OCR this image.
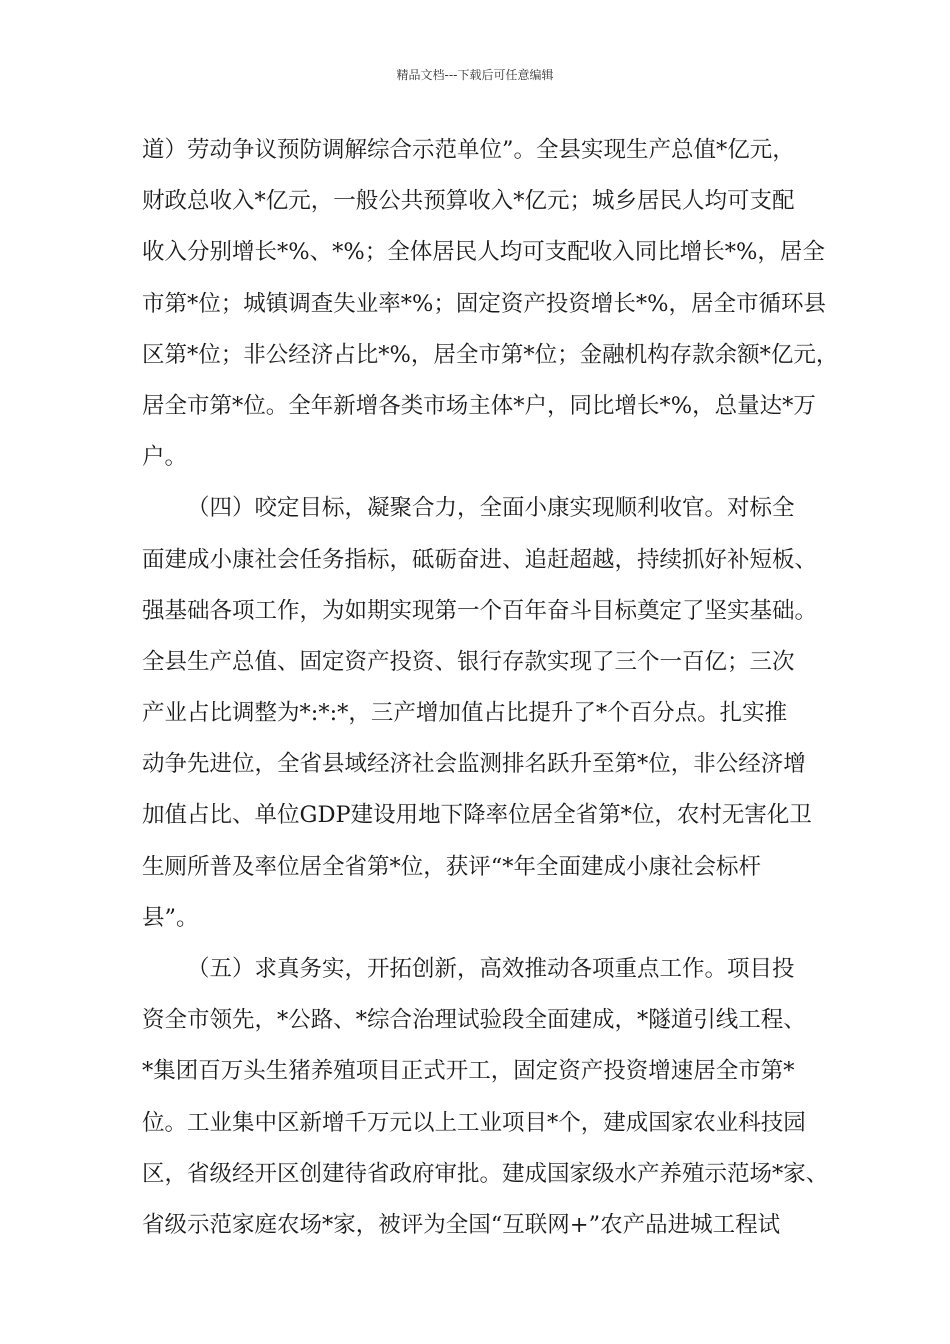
精品文档---下载后可任意编辑
道）劳动争议预防调解综合示范单位”。全县实现生产总值*亿元，
财政总收入*亿元，一般公共预算收入*亿元；城乡居民人均可支配
收入分别增长*%、*%；全体居民人均可支配收入同比增长*%，居全
市第*位；城镇调查失业率*%；固定资产投资增长*%，居全市循环县
区第*位；非公经济占比*%，居全市第*位；金融机构存款余额*亿元，
居全市第*位。全年新增各类市场主体*户，同比增长*%，总量达*万
户。
（四）咬定目标，凝聚合力，全面小康实现顺利收官。对标全
面建成小康社会任务指标，砥砺奋进、追赶超越，持续抓好补短板、
强基础各项工作，为如期实现第一个百年奋斗目标奠定了坚实基础。
全县生产总值、固定资产投资、银行存款实现了三个一百亿；三次
产业占比调整为*:*:*，三产增加值占比提升了*个百分点。扎实推
动争先进位，全省县域经济社会监测排名跃升至第*位，非公经济增
加值占比、单位GDP建设用地下降率位居全省第*位，农村无害化卫
生厕所普及率位居全省第*位，获评“*年全面建成小康社会标杆
县”。
（五）求真务实，开拓创新，高效推动各项重点工作。项目投
资全市领先，*公路、*综合治理试验段全面建成，*隧道引线工程、
*集团百万头生猪养殖项目正式开工，固定资产投资增速居全市第*
位。工业集中区新增千万元以上工业项目*个，建成国家农业科技园
区，省级经开区创建待省政府审批。建成国家级水产养殖示范场*家、
省级示范家庭农场*家，被评为全国“互联网+”农产品进城工程试
